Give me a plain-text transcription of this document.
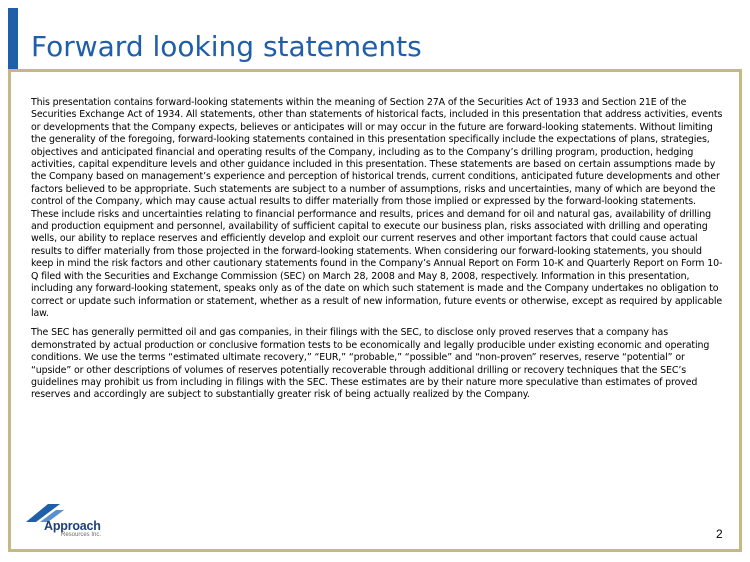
Forward looking statements

This presentation contains forward-looking statements within the meaning of Section 27A of the Securities Act of 1933 and Section 21E of the Securities Exchange Act of 1934. All statements, other than statements of historical facts, included in this presentation that address activities, events or developments that the Company expects, believes or anticipates will or may occur in the future are forward-looking statements. Without limiting the generality of the foregoing, forward-looking statements contained in this presentation specifically include the expectations of plans, strategies, objectives and anticipated financial and operating results of the Company, including as to the Company’s drilling program, production, hedging activities, capital expenditure levels and other guidance included in this presentation. These statements are based on certain assumptions made by the Company based on management’s experience and perception of historical trends, current conditions, anticipated future developments and other factors believed to be appropriate. Such statements are subject to a number of assumptions, risks and uncertainties, many of which are beyond the control of the Company, which may cause actual results to differ materially from those implied or expressed by the forward-looking statements. These include risks and uncertainties relating to financial performance and results, prices and demand for oil and natural gas, availability of drilling and production equipment and personnel, availability of sufficient capital to execute our business plan, risks associated with drilling and operating wells, our ability to replace reserves and efficiently develop and exploit our current reserves and other important factors that could cause actual results to differ materially from those projected in the forward-looking statements. When considering our forward-looking statements, you should keep in mind the risk factors and other cautionary statements found in the Company’s Annual Report on Form 10-K and Quarterly Report on Form 10-Q filed with the Securities and Exchange Commission (SEC) on March 28, 2008 and May 8, 2008, respectively. Information in this presentation, including any forward-looking statement, speaks only as of the date on which such statement is made and the Company undertakes no obligation to correct or update such information or statement, whether as a result of new information, future events or otherwise, except as required by applicable law.

The SEC has generally permitted oil and gas companies, in their filings with the SEC, to disclose only proved reserves that a company has demonstrated by actual production or conclusive formation tests to be economically and legally producible under existing economic and operating conditions. We use the terms “estimated ultimate recovery,” “EUR,” “probable,” “possible” and “non-proven” reserves, reserve “potential” or “upside” or other descriptions of volumes of reserves potentially recoverable through additional drilling or recovery techniques that the SEC’s guidelines may prohibit us from including in filings with the SEC. These estimates are by their nature more speculative than estimates of proved reserves and accordingly are subject to substantially greater risk of being actually realized by the Company.

Approach
Resources Inc.	2
